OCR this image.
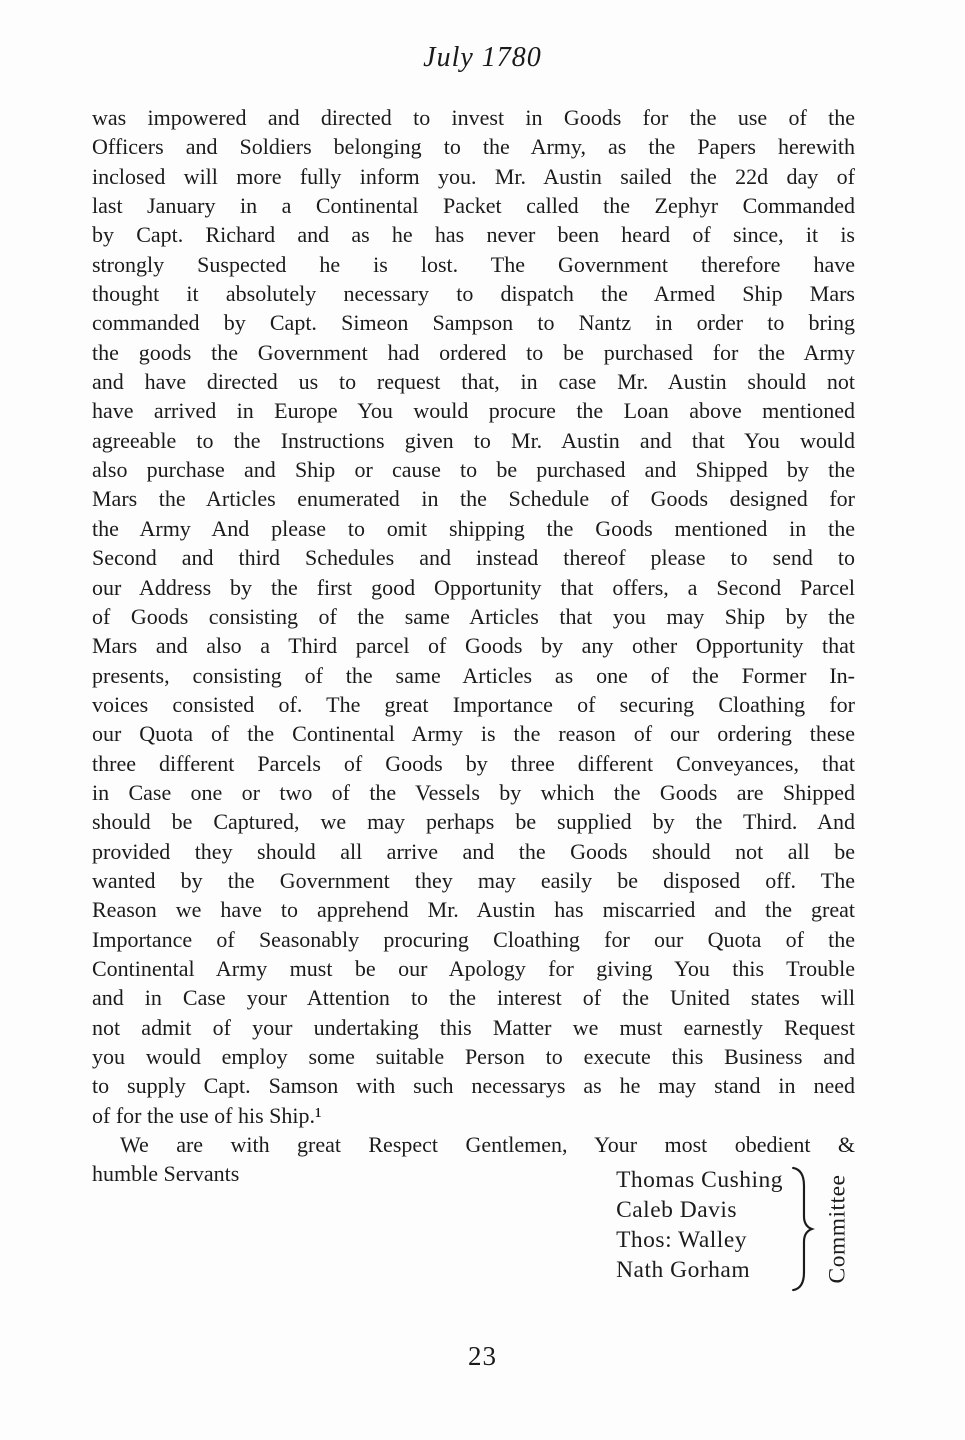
July 1780
was impowered and directed to invest in Goods for the use of the
Officers and Soldiers belonging to the Army, as the Papers herewith
inclosed will more fully inform you. Mr. Austin sailed the 22d day of
last January in a Continental Packet called the Zephyr Commanded
by Capt. Richard and as he has never been heard of since, it is
strongly Suspected he is lost. The Government therefore have
thought it absolutely necessary to dispatch the Armed Ship Mars
commanded by Capt. Simeon Sampson to Nantz in order to bring
the goods the Government had ordered to be purchased for the Army
and have directed us to request that, in case Mr. Austin should not
have arrived in Europe You would procure the Loan above mentioned
agreeable to the Instructions given to Mr. Austin and that You would
also purchase and Ship or cause to be purchased and Shipped by the
Mars the Articles enumerated in the Schedule of Goods designed for
the Army And please to omit shipping the Goods mentioned in the
Second and third Schedules and instead thereof please to send to
our Address by the first good Opportunity that offers, a Second Parcel
of Goods consisting of the same Articles that you may Ship by the
Mars and also a Third parcel of Goods by any other Opportunity that
presents, consisting of the same Articles as one of the Former In-
voices consisted of. The great Importance of securing Cloathing for
our Quota of the Continental Army is the reason of our ordering these
three different Parcels of Goods by three different Conveyances, that
in Case one or two of the Vessels by which the Goods are Shipped
should be Captured, we may perhaps be supplied by the Third. And
provided they should all arrive and the Goods should not all be
wanted by the Government they may easily be disposed off. The
Reason we have to apprehend Mr. Austin has miscarried and the great
Importance of Seasonably procuring Cloathing for our Quota of the
Continental Army must be our Apology for giving You this Trouble
and in Case your Attention to the interest of the United states will
not admit of your undertaking this Matter we must earnestly Request
you would employ some suitable Person to execute this Business and
to supply Capt. Samson with such necessarys as he may stand in need
of for the use of his Ship.¹
We are with great Respect Gentlemen, Your most obedient &
humble Servants	Thomas Cushing
Caleb Davis
Thos: Walley
Nath Gorham	Committee
23
